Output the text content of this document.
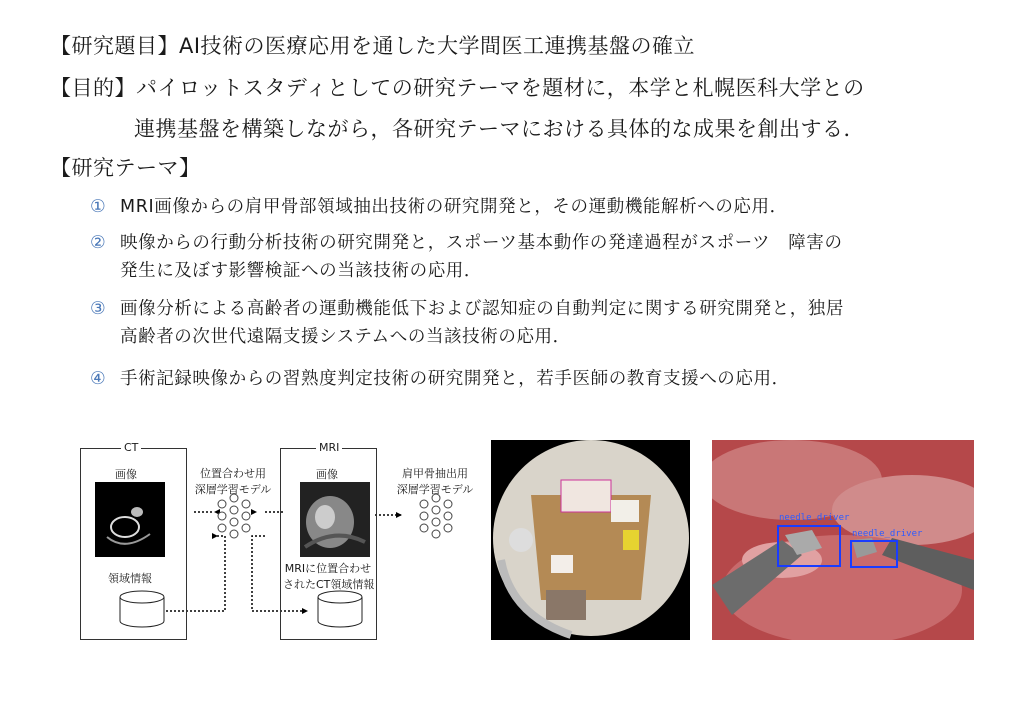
【研究題目】AI技術の医療応用を通した大学間医工連携基盤の確立
【目的】パイロットスタディとしての研究テーマを題材に，本学と札幌医科大学との
連携基盤を構築しながら，各研究テーマにおける具体的な成果を創出する．
【研究テーマ】
① MRI画像からの肩甲骨部領域抽出技術の研究開発と，その運動機能解析への応用．
② 映像からの行動分析技術の研究開発と，スポーツ基本動作の発達過程がスポーツ　障害の
発生に及ぼす影響検証への当該技術の応用．
③ 画像分析による高齢者の運動機能低下および認知症の自動判定に関する研究開発と，独居
高齢者の次世代遠隔支援システムへの当該技術の応用．
④ 手術記録映像からの習熟度判定技術の研究開発と，若手医師の教育支援への応用．
CT	MRI
画像
領域情報
位置合わせ用
深層学習モデル
画像
MRIに位置合わせ
されたCT領域情報
肩甲骨抽出用
深層学習モデル
needle_driver
needle_driver
